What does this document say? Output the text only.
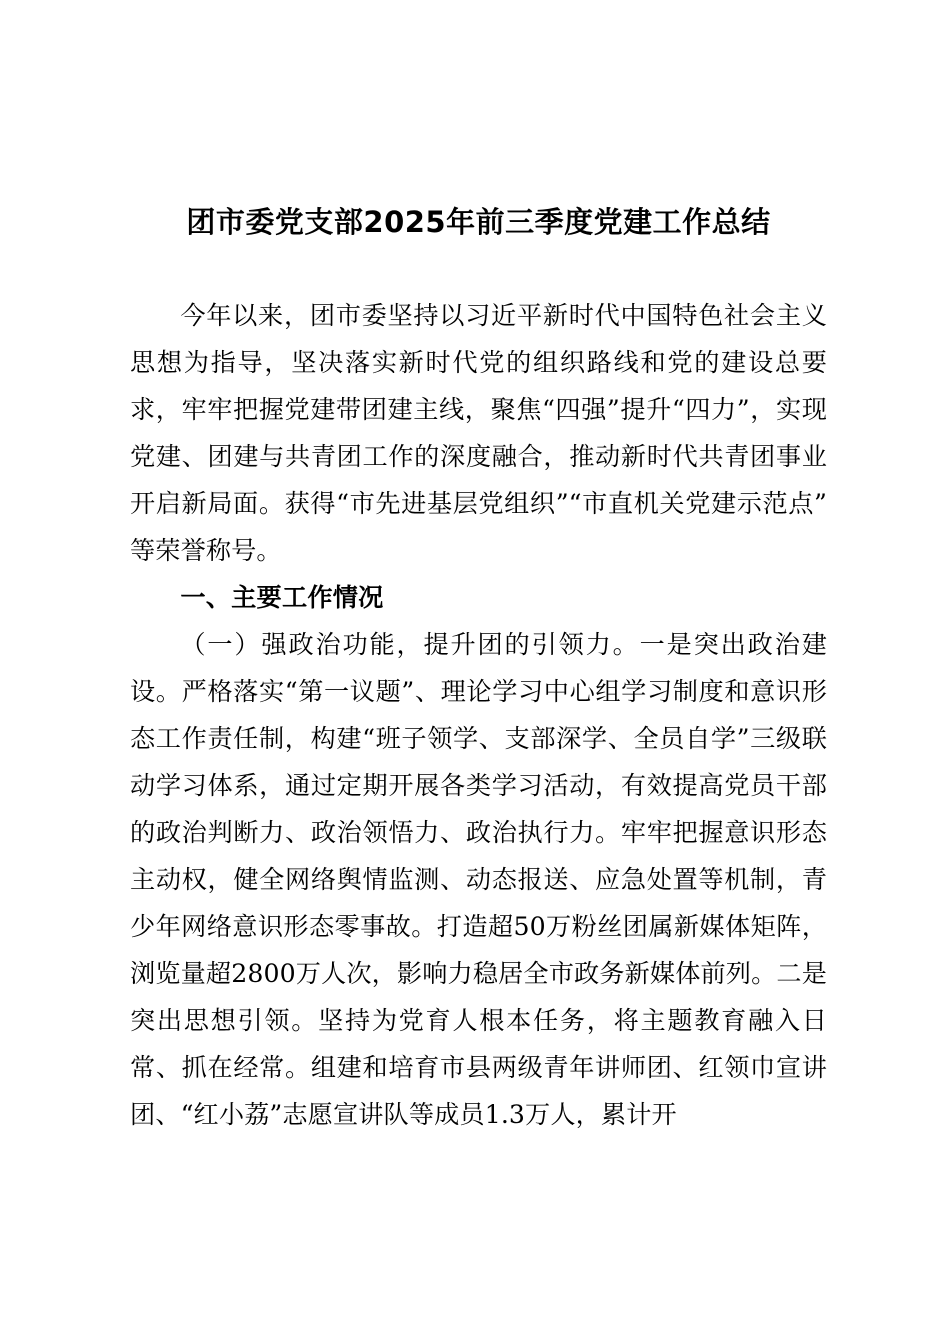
团市委党支部2025年前三季度党建工作总结

今年以来，团市委坚持以习近平新时代中国特色社会主义思想为指导，坚决落实新时代党的组织路线和党的建设总要求，牢牢把握党建带团建主线，聚焦“四强”提升“四力”，实现党建、团建与共青团工作的深度融合，推动新时代共青团事业开启新局面。获得“市先进基层党组织”“市直机关党建示范点”等荣誉称号。

一、主要工作情况

（一）强政治功能，提升团的引领力。一是突出政治建设。严格落实“第一议题”、理论学习中心组学习制度和意识形态工作责任制，构建“班子领学、支部深学、全员自学”三级联动学习体系，通过定期开展各类学习活动，有效提高党员干部的政治判断力、政治领悟力、政治执行力。牢牢把握意识形态主动权，健全网络舆情监测、动态报送、应急处置等机制，青少年网络意识形态零事故。打造超50万粉丝团属新媒体矩阵，浏览量超2800万人次，影响力稳居全市政务新媒体前列。二是突出思想引领。坚持为党育人根本任务，将主题教育融入日常、抓在经常。组建和培育市县两级青年讲师团、红领巾宣讲团、“红小荔”志愿宣讲队等成员1.3万人，累计开
